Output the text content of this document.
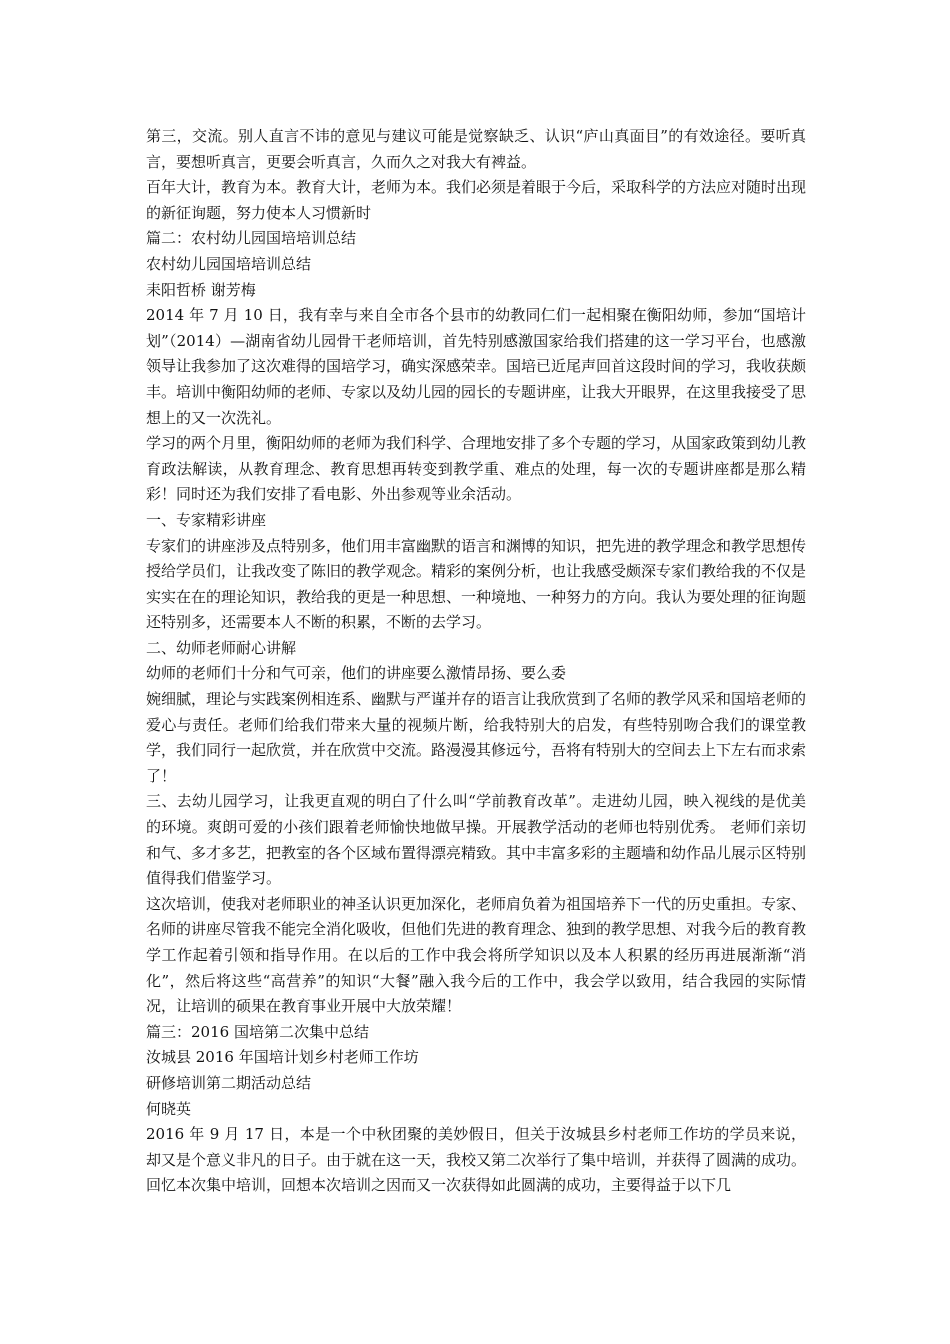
第三，交流。别人直言不讳的意见与建议可能是觉察缺乏、认识“庐山真面目”的有效途径。要听真言，要想听真言，更要会听真言，久而久之对我大有裨益。

百年大计，教育为本。教育大计，老师为本。我们必须是着眼于今后，采取科学的方法应对随时出现的新征询题，努力使本人习惯新时

篇二：农村幼儿园国培培训总结

农村幼儿园国培培训总结

耒阳哲桥 谢芳梅

2014 年 7 月 10 日，我有幸与来自全市各个县市的幼教同仁们一起相聚在衡阳幼师，参加“国培计划”（2014）—湖南省幼儿园骨干老师培训，首先特别感激国家给我们搭建的这一学习平台，也感激领导让我参加了这次难得的国培学习，确实深感荣幸。国培已近尾声回首这段时间的学习，我收获颇丰。培训中衡阳幼师的老师、专家以及幼儿园的园长的专题讲座，让我大开眼界，在这里我接受了思想上的又一次洗礼。

学习的两个月里，衡阳幼师的老师为我们科学、合理地安排了多个专题的学习，从国家政策到幼儿教育政法解读，从教育理念、教育思想再转变到教学重、难点的处理，每一次的专题讲座都是那么精彩！同时还为我们安排了看电影、外出参观等业余活动。

一、专家精彩讲座

专家们的讲座涉及点特别多，他们用丰富幽默的语言和渊博的知识，把先进的教学理念和教学思想传授给学员们，让我改变了陈旧的教学观念。精彩的案例分析，也让我感受颇深专家们教给我的不仅是实实在在的理论知识，教给我的更是一种思想、一种境地、一种努力的方向。我认为要处理的征询题还特别多，还需要本人不断的积累，不断的去学习。

二、幼师老师耐心讲解

幼师的老师们十分和气可亲，他们的讲座要么激情昂扬、要么委

婉细腻，理论与实践案例相连系、幽默与严谨并存的语言让我欣赏到了名师的教学风采和国培老师的爱心与责任。老师们给我们带来大量的视频片断，给我特别大的启发，有些特别吻合我们的课堂教学，我们同行一起欣赏，并在欣赏中交流。路漫漫其修远兮，吾将有特别大的空间去上下左右而求索了！

三、去幼儿园学习，让我更直观的明白了什么叫“学前教育改革”。走进幼儿园，映入视线的是优美的环境。爽朗可爱的小孩们跟着老师愉快地做早操。开展教学活动的老师也特别优秀。 老师们亲切和气、多才多艺，把教室的各个区域布置得漂亮精致。其中丰富多彩的主题墙和幼作品儿展示区特别值得我们借鉴学习。

这次培训，使我对老师职业的神圣认识更加深化，老师肩负着为祖国培养下一代的历史重担。专家、名师的讲座尽管我不能完全消化吸收，但他们先进的教育理念、独到的教学思想、对我今后的教育教学工作起着引领和指导作用。在以后的工作中我会将所学知识以及本人积累的经历再进展渐渐“消化”，然后将这些“高营养”的知识“大餐”融入我今后的工作中，我会学以致用，结合我园的实际情况，让培训的硕果在教育事业开展中大放荣耀！

篇三：2016 国培第二次集中总结

汝城县 2016 年国培计划乡村老师工作坊

研修培训第二期活动总结

何晓英

2016 年 9 月 17 日，本是一个中秋团聚的美妙假日，但关于汝城县乡村老师工作坊的学员来说，却又是个意义非凡的日子。由于就在这一天，我校又第二次举行了集中培训，并获得了圆满的成功。

回忆本次集中培训，回想本次培训之因而又一次获得如此圆满的成功，主要得益于以下几
